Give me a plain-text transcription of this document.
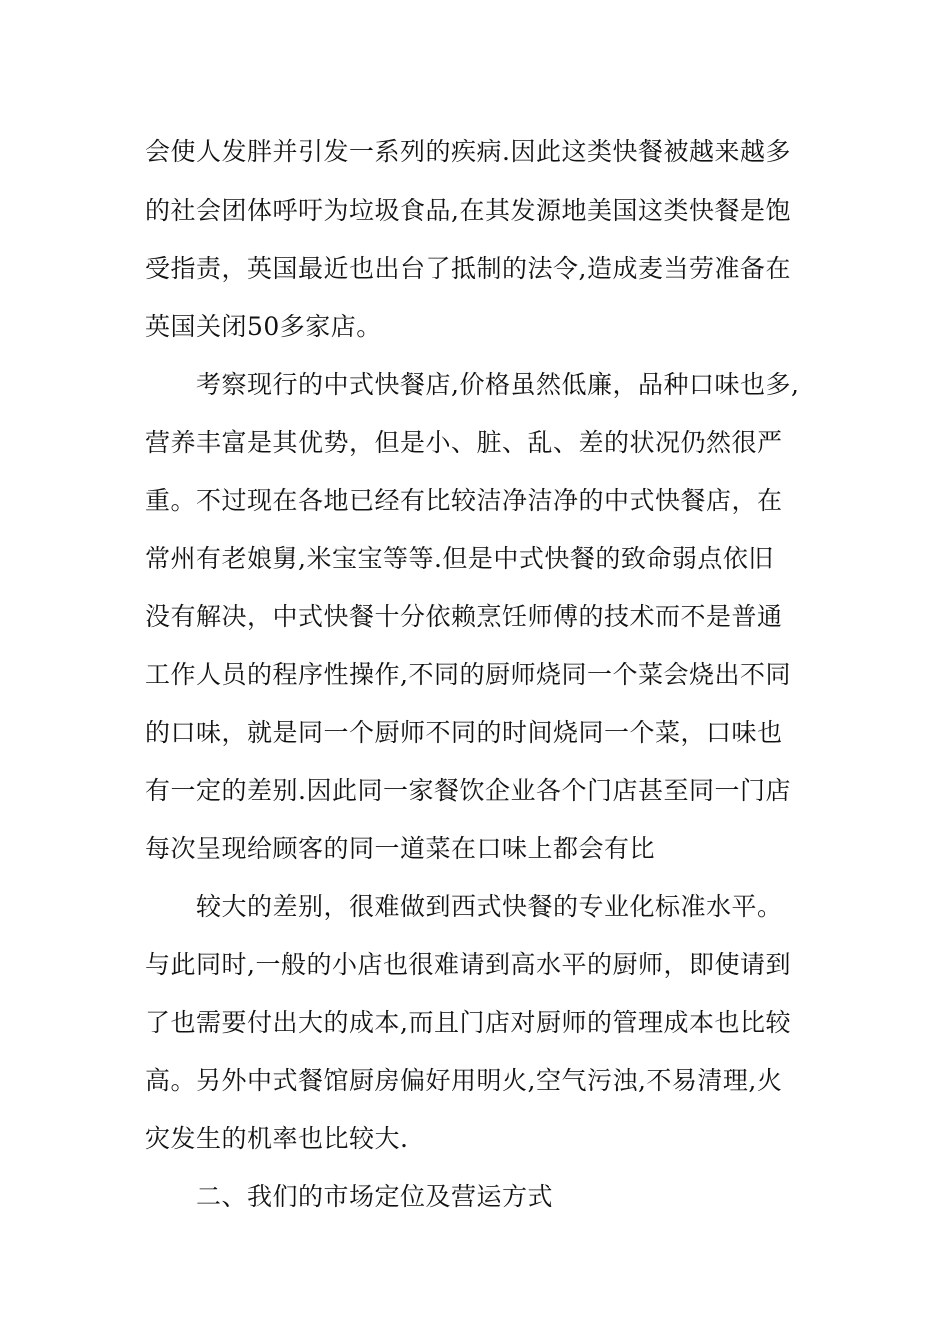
会使人发胖并引发一系列的疾病.因此这类快餐被越来越多
的社会团体呼吁为垃圾食品,在其发源地美国这类快餐是饱
受指责，英国最近也出台了抵制的法令,造成麦当劳准备在
英国关闭50多家店。
考察现行的中式快餐店,价格虽然低廉，品种口味也多,
营养丰富是其优势，但是小、脏、乱、差的状况仍然很严
重。不过现在各地已经有比较洁净洁净的中式快餐店，在
常州有老娘舅,米宝宝等等.但是中式快餐的致命弱点依旧
没有解决，中式快餐十分依赖烹饪师傅的技术而不是普通
工作人员的程序性操作,不同的厨师烧同一个菜会烧出不同
的口味，就是同一个厨师不同的时间烧同一个菜，口味也
有一定的差别.因此同一家餐饮企业各个门店甚至同一门店
每次呈现给顾客的同一道菜在口味上都会有比
较大的差别，很难做到西式快餐的专业化标准水平。
与此同时,一般的小店也很难请到高水平的厨师，即使请到
了也需要付出大的成本,而且门店对厨师的管理成本也比较
高。另外中式餐馆厨房偏好用明火,空气污浊,不易清理,火
灾发生的机率也比较大.
二、我们的市场定位及营运方式
